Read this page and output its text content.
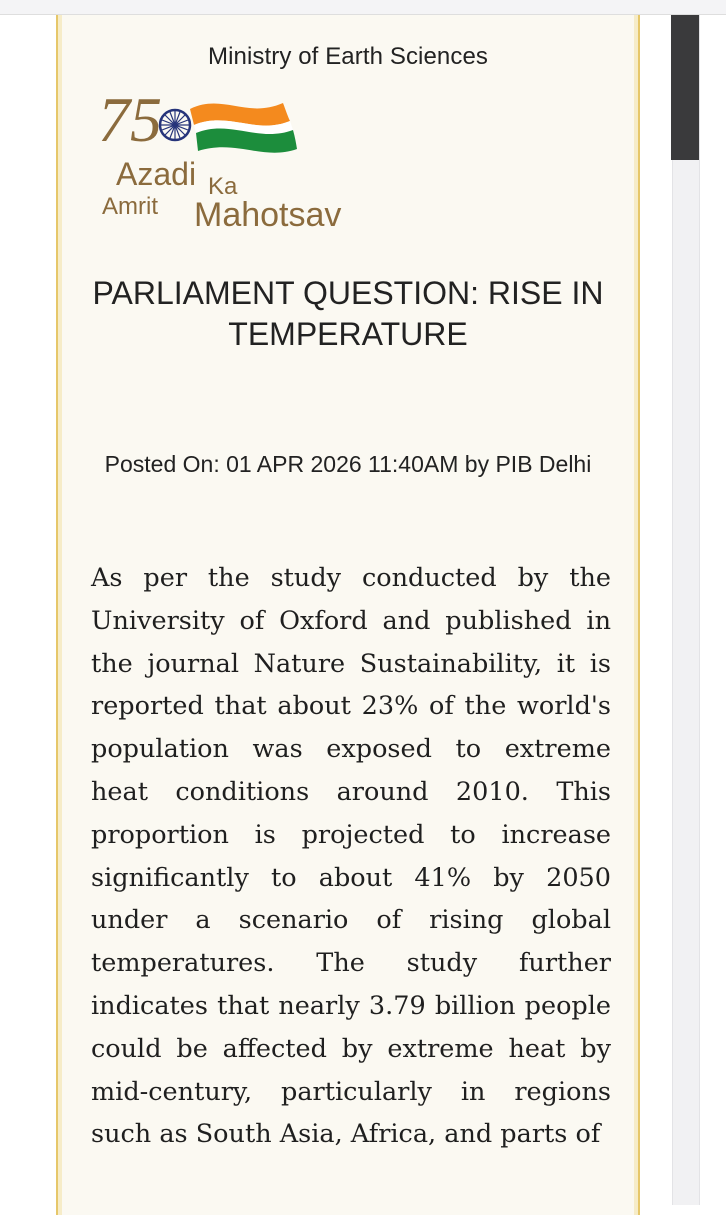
Ministry of Earth Sciences
75
Azadi Ka
Amrit Mahotsav
PARLIAMENT QUESTION: RISE IN TEMPERATURE
Posted On: 01 APR 2026 11:40AM by PIB Delhi

As per the study conducted by the University of Oxford and published in the journal Nature Sustainability, it is reported that about 23% of the world's population was exposed to extreme heat conditions around 2010. This proportion is projected to increase significantly to about 41% by 2050 under a scenario of rising global temperatures. The study further indicates that nearly 3.79 billion people could be affected by extreme heat by mid-century, particularly in regions such as South Asia, Africa, and parts of
